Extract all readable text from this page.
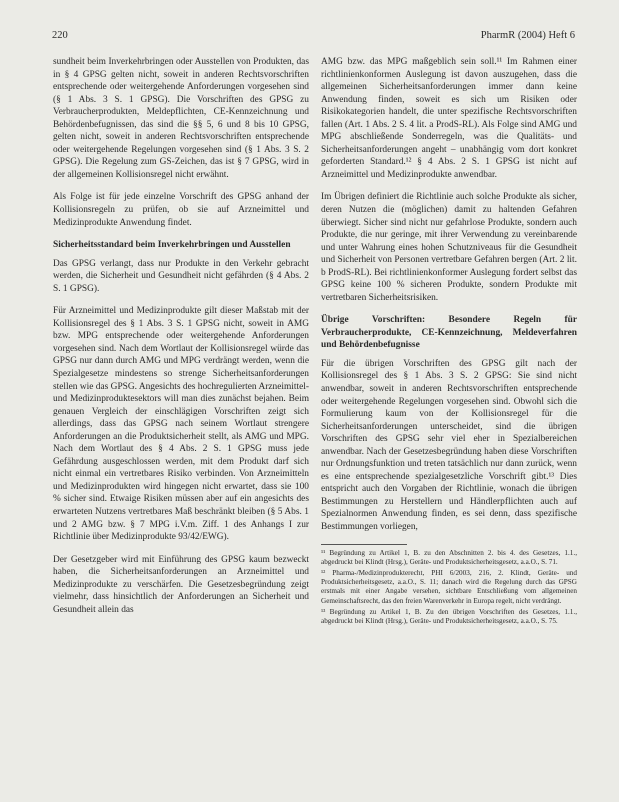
220	PharmR (2004) Heft 6

sundheit beim Inverkehrbringen oder Ausstellen von Produkten, das in § 4 GPSG gelten nicht, soweit in anderen Rechtsvorschriften entsprechende oder weitergehende Anforderungen vorgesehen sind (§ 1 Abs. 3 S. 1 GPSG). Die Vorschriften des GPSG zu Verbraucherprodukten, Meldepflichten, CE-Kennzeichnung und Behördenbefugnissen, das sind die §§ 5, 6 und 8 bis 10 GPSG, gelten nicht, soweit in anderen Rechtsvorschriften entsprechende oder weitergehende Regelungen vorgesehen sind (§ 1 Abs. 3 S. 2 GPSG). Die Regelung zum GS-Zeichen, das ist § 7 GPSG, wird in der allgemeinen Kollisionsregel nicht erwähnt.

Als Folge ist für jede einzelne Vorschrift des GPSG anhand der Kollisionsregeln zu prüfen, ob sie auf Arzneimittel und Medizinprodukte Anwendung findet.

Sicherheitsstandard beim Inverkehrbringen und Ausstellen

Das GPSG verlangt, dass nur Produkte in den Verkehr gebracht werden, die Sicherheit und Gesundheit nicht gefährden (§ 4 Abs. 2 S. 1 GPSG).

Für Arzneimittel und Medizinprodukte gilt dieser Maßstab mit der Kollisionsregel des § 1 Abs. 3 S. 1 GPSG nicht, soweit in AMG bzw. MPG entsprechende oder weitergehende Anforderungen vorgesehen sind. Nach dem Wortlaut der Kollisionsregel würde das GPSG nur dann durch AMG und MPG verdrängt werden, wenn die Spezialgesetze mindestens so strenge Sicherheitsanforderungen stellen wie das GPSG. Angesichts des hochregulierten Arzneimittel- und Medizinproduktesektors will man dies zunächst bejahen. Beim genauen Vergleich der einschlägigen Vorschriften zeigt sich allerdings, dass das GPSG nach seinem Wortlaut strengere Anforderungen an die Produktsicherheit stellt, als AMG und MPG. Nach dem Wortlaut des § 4 Abs. 2 S. 1 GPSG muss jede Gefährdung ausgeschlossen werden, mit dem Produkt darf sich nicht einmal ein vertretbares Risiko verbinden. Von Arzneimitteln und Medizinprodukten wird hingegen nicht erwartet, dass sie 100 % sicher sind. Etwaige Risiken müssen aber auf ein angesichts des erwarteten Nutzens vertretbares Maß beschränkt bleiben (§ 5 Abs. 1 und 2 AMG bzw. § 7 MPG i.V.m. Ziff. 1 des Anhangs I zur Richtlinie über Medizinprodukte 93/42/EWG).

Der Gesetzgeber wird mit Einführung des GPSG kaum bezweckt haben, die Sicherheitsanforderungen an Arzneimittel und Medizinprodukte zu verschärfen. Die Gesetzesbegründung zeigt vielmehr, dass hinsichtlich der Anforderungen an Sicherheit und Gesundheit allein das

AMG bzw. das MPG maßgeblich sein soll.¹¹ Im Rahmen einer richtlinienkonformen Auslegung ist davon auszugehen, dass die allgemeinen Sicherheitsanforderungen immer dann keine Anwendung finden, soweit es sich um Risiken oder Risikokategorien handelt, die unter spezifische Rechtsvorschriften fallen (Art. 1 Abs. 2 S. 4 lit. a ProdS-RL). Als Folge sind AMG und MPG abschließende Sonderregeln, was die Qualitäts- und Sicherheitsanforderungen angeht – unabhängig vom dort konkret geforderten Standard.¹² § 4 Abs. 2 S. 1 GPSG ist nicht auf Arzneimittel und Medizinprodukte anwendbar.

Im Übrigen definiert die Richtlinie auch solche Produkte als sicher, deren Nutzen die (möglichen) damit zu haltenden Gefahren überwiegt. Sicher sind nicht nur gefahrlose Produkte, sondern auch Produkte, die nur geringe, mit ihrer Verwendung zu vereinbarende und unter Wahrung eines hohen Schutzniveaus für die Gesundheit und Sicherheit von Personen vertretbare Gefahren bergen (Art. 2 lit. b ProdS-RL). Bei richtlinienkonformer Auslegung fordert selbst das GPSG keine 100 % sicheren Produkte, sondern Produkte mit vertretbaren Sicherheitsrisiken.

Übrige Vorschriften: Besondere Regeln für Verbraucherprodukte, CE-Kennzeichnung, Meldeverfahren und Behördenbefugnisse

Für die übrigen Vorschriften des GPSG gilt nach der Kollisionsregel des § 1 Abs. 3 S. 2 GPSG: Sie sind nicht anwendbar, soweit in anderen Rechtsvorschriften entsprechende oder weitergehende Regelungen vorgesehen sind. Obwohl sich die Formulierung kaum von der Kollisionsregel für die Sicherheitsanforderungen unterscheidet, sind die übrigen Vorschriften des GPSG sehr viel eher in Spezialbereichen anwendbar. Nach der Gesetzesbegründung haben diese Vorschriften nur Ordnungsfunktion und treten tatsächlich nur dann zurück, wenn es eine entsprechende spezialgesetzliche Vorschrift gibt.¹³ Dies entspricht auch den Vorgaben der Richtlinie, wonach die übrigen Bestimmungen zu Herstellern und Händlerpflichten auch auf Spezialnormen Anwendung finden, es sei denn, dass spezifische Bestimmungen vorliegen,

¹¹ Begründung zu Artikel 1, B. zu den Abschnitten 2. bis 4. des Gesetzes, 1.1., abgedruckt bei Klindt (Hrsg.), Geräte- und Produktsicherheitsgesetz, a.a.O., S. 71.

¹² Pharma-/Medizinprodukterecht, PHI 6/2003, 216, 2. Klindt, Geräte- und Produktsicherheitsgesetz, a.a.O., S. 11; danach wird die Regelung durch das GPSG erstmals mit einer Angabe versehen, sichtbare Entschließung vom allgemeinen Gemeinschaftsrecht, das den freien Warenverkehr in Europa regelt, nicht verdrängt.

¹³ Begründung zu Artikel 1, B. Zu den übrigen Vorschriften des Gesetzes, 1.1., abgedruckt bei Klindt (Hrsg.), Geräte- und Produktsicherheitsgesetz, a.a.O., S. 75.
